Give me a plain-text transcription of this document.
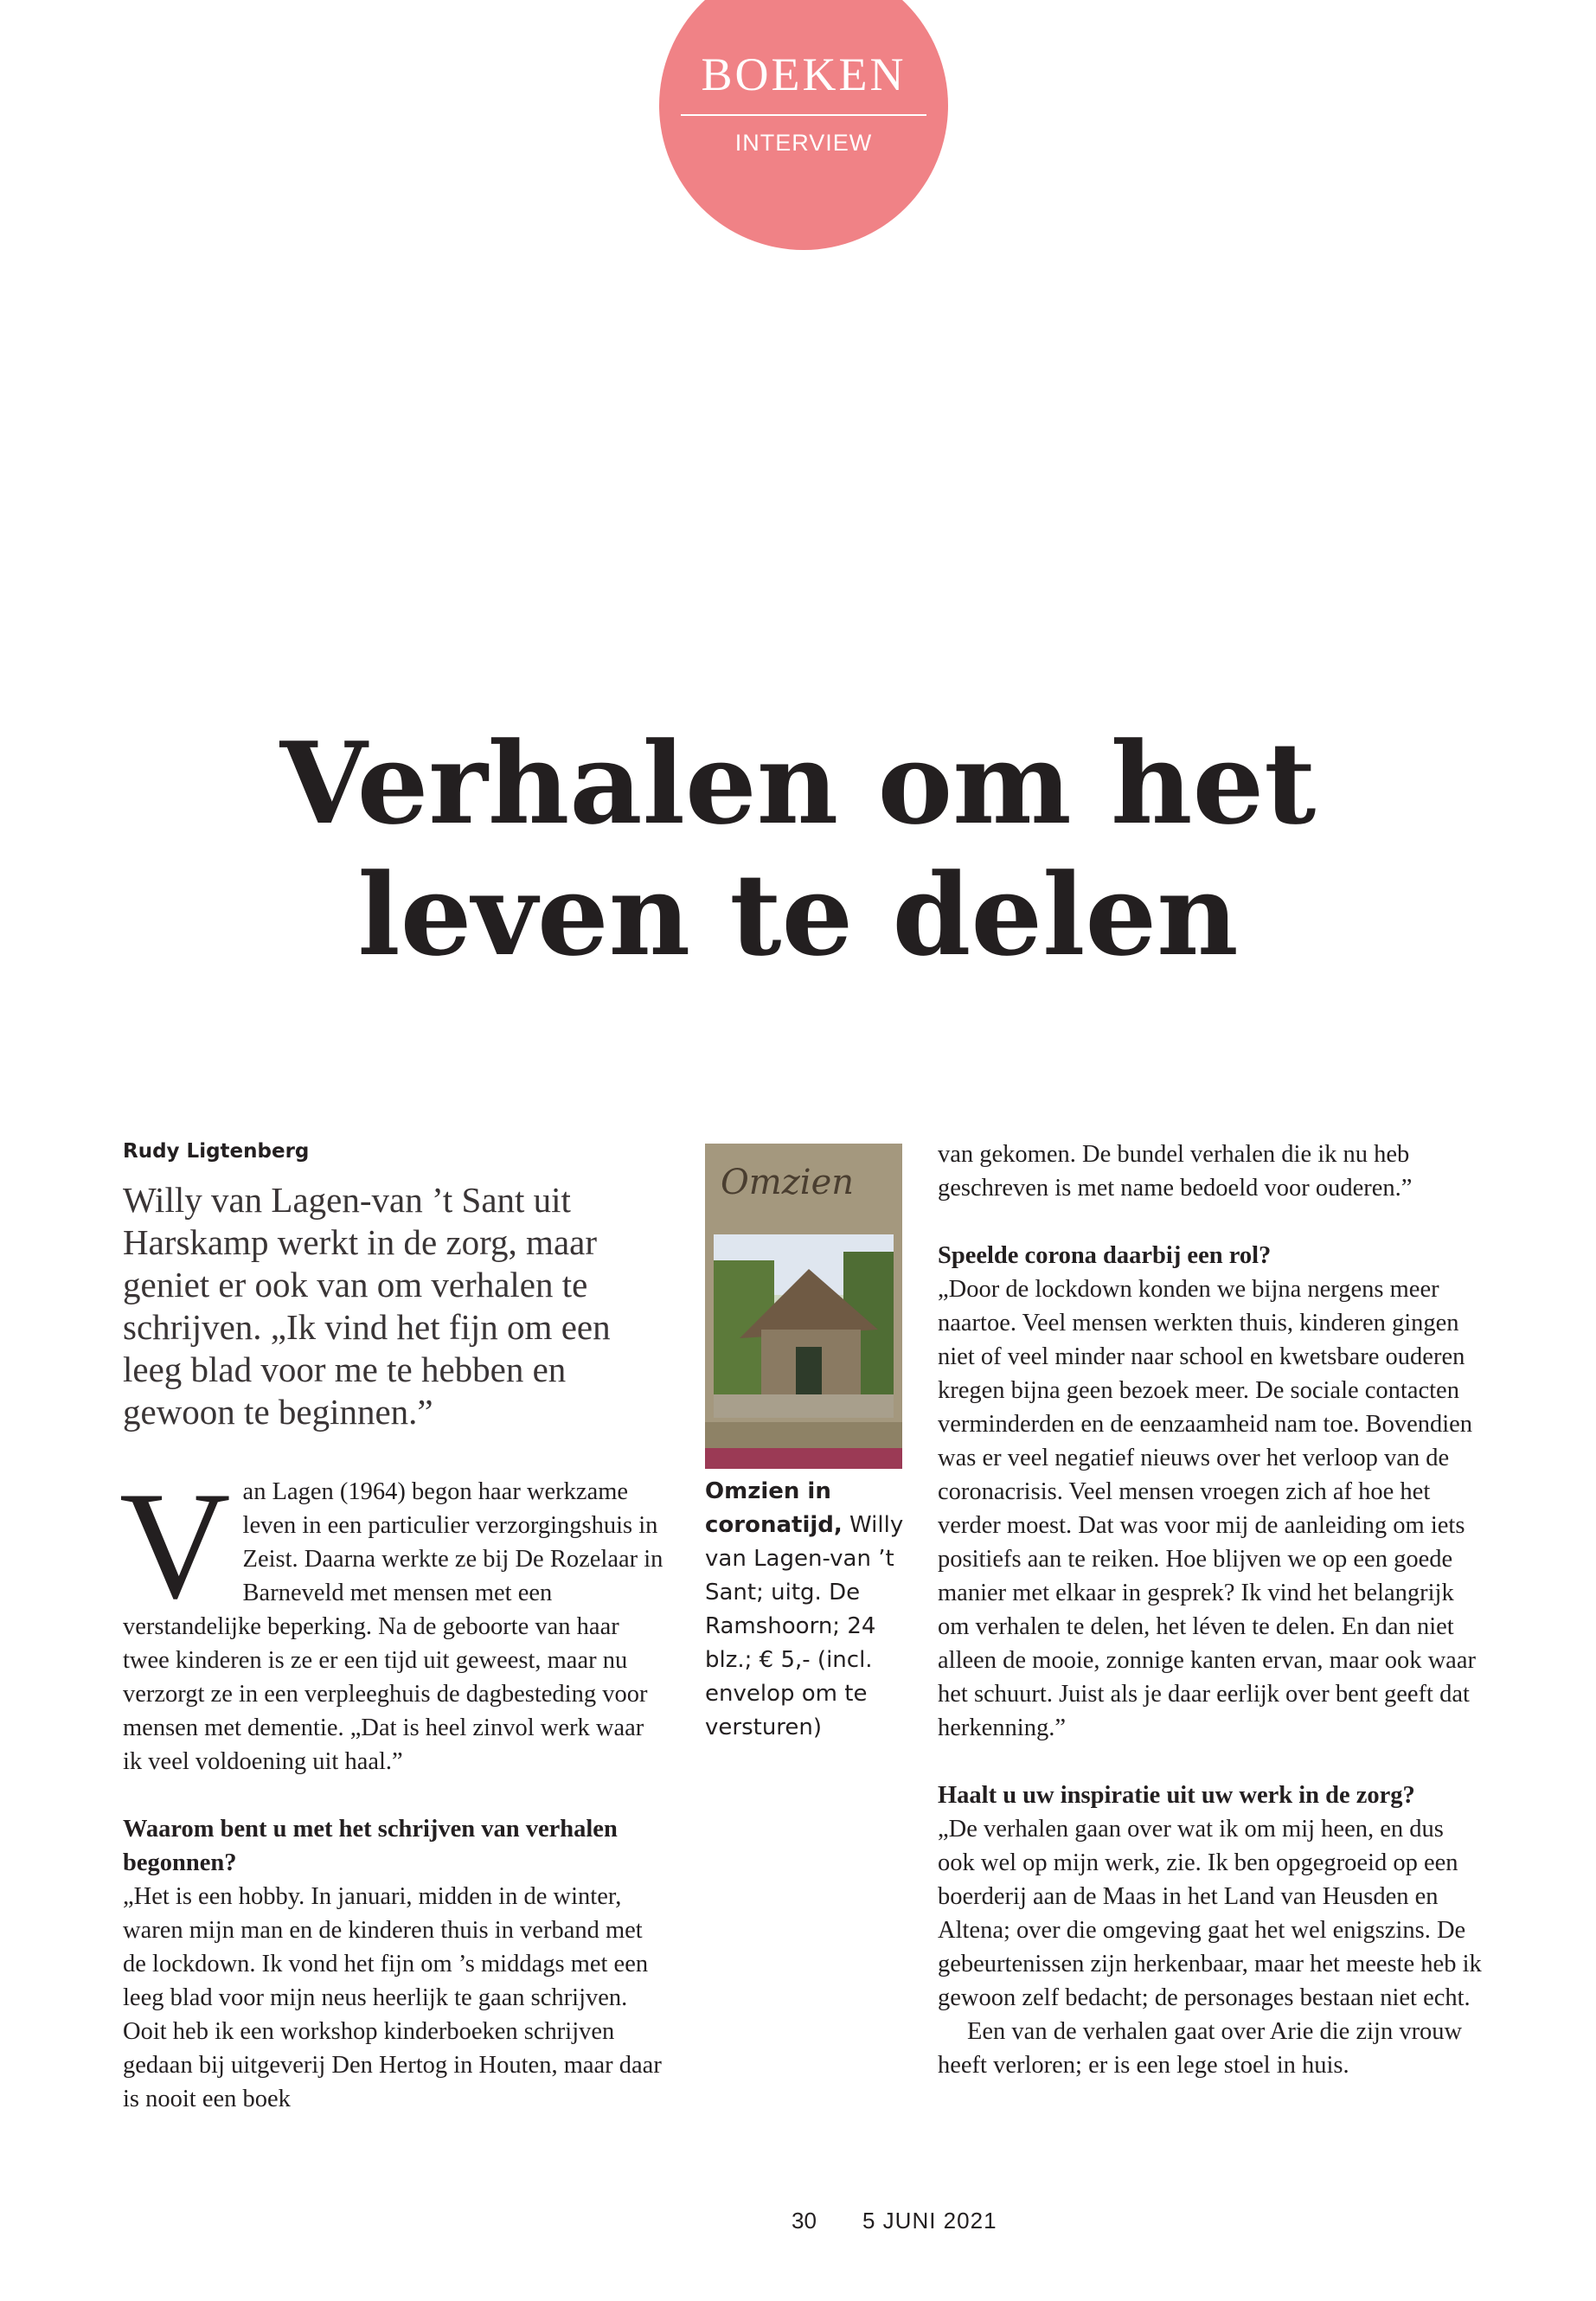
BOEKEN
INTERVIEW
Verhalen om het
leven te delen
Rudy Ligtenberg
Willy van Lagen-van ’t Sant uit Harskamp werkt in de zorg, maar geniet er ook van om verhalen te schrijven. „Ik vind het fijn om een leeg blad voor me te hebben en gewoon te beginnen.”

Van Lagen (1964) begon haar werkzame leven in een particulier verzorgingshuis in Zeist. Daarna werkte ze bij De Rozelaar in Barneveld met mensen met een verstandelijke beperking. Na de geboorte van haar twee kinderen is ze er een tijd uit geweest, maar nu verzorgt ze in een verpleeghuis de dagbesteding voor mensen met dementie. „Dat is heel zinvol werk waar ik veel voldoening uit haal.”

Waarom bent u met het schrijven van verhalen begonnen?

„Het is een hobby. In januari, midden in de winter, waren mijn man en de kinderen thuis in verband met de lockdown. Ik vond het fijn om ’s middags met een leeg blad voor mijn neus heerlijk te gaan schrijven. Ooit heb ik een workshop kinderboeken schrijven gedaan bij uitgeverij Den Hertog in Houten, maar daar is nooit een boek

Omzien
Omzien in coronatijd, Willy van Lagen-van ’t Sant; uitg. De Ramshoorn; 24 blz.; € 5,- (incl. envelop om te versturen)

van gekomen. De bundel verhalen die ik nu heb geschreven is met name bedoeld voor ouderen.”

Speelde corona daarbij een rol?

„Door de lockdown konden we bijna nergens meer naartoe. Veel mensen werkten thuis, kinderen gingen niet of veel minder naar school en kwetsbare ouderen kregen bijna geen bezoek meer. De sociale contacten verminderden en de eenzaamheid nam toe. Bovendien was er veel negatief nieuws over het verloop van de coronacrisis. Veel mensen vroegen zich af hoe het verder moest. Dat was voor mij de aanleiding om iets positiefs aan te reiken. Hoe blijven we op een goede manier met elkaar in gesprek? Ik vind het belangrijk om verhalen te delen, het léven te delen. En dan niet alleen de mooie, zonnige kanten ervan, maar ook waar het schuurt. Juist als je daar eerlijk over bent geeft dat herkenning.”

Haalt u uw inspiratie uit uw werk in de zorg?

„De verhalen gaan over wat ik om mij heen, en dus ook wel op mijn werk, zie. Ik ben opgegroeid op een boerderij aan de Maas in het Land van Heusden en Altena; over die omgeving gaat het wel enigszins. De gebeurtenissen zijn herkenbaar, maar het meeste heb ik gewoon zelf bedacht; de personages bestaan niet echt.

Een van de verhalen gaat over Arie die zijn vrouw heeft verloren; er is een lege stoel in huis.

30 5 JUNI 2021
